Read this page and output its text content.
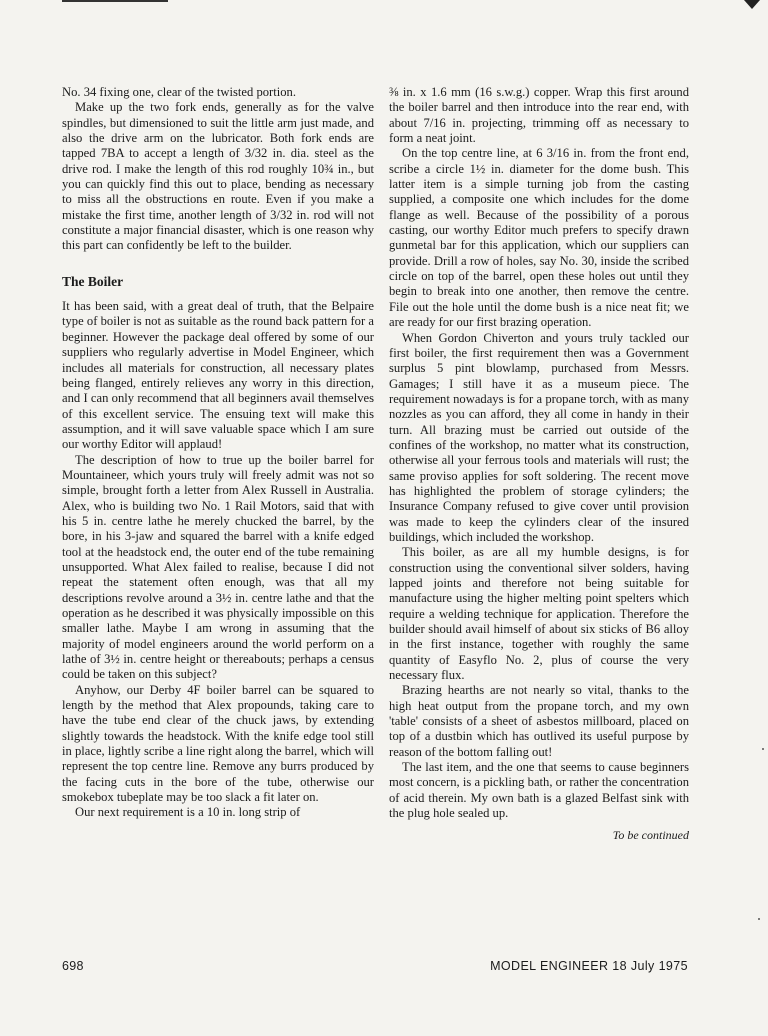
No. 34 fixing one, clear of the twisted portion.

Make up the two fork ends, generally as for the valve spindles, but dimensioned to suit the little arm just made, and also the drive arm on the lubricator. Both fork ends are tapped 7BA to accept a length of 3/32 in. dia. steel as the drive rod. I make the length of this rod roughly 10¾ in., but you can quickly find this out to place, bending as necessary to miss all the obstructions en route. Even if you make a mistake the first time, another length of 3/32 in. rod will not constitute a major financial disaster, which is one reason why this part can confidently be left to the builder.

The Boiler

It has been said, with a great deal of truth, that the Belpaire type of boiler is not as suitable as the round back pattern for a beginner. However the package deal offered by some of our suppliers who regularly advertise in Model Engineer, which includes all materials for construction, all necessary plates being flanged, entirely relieves any worry in this direction, and I can only recommend that all beginners avail themselves of this excellent service. The ensuing text will make this assumption, and it will save valuable space which I am sure our worthy Editor will applaud!

The description of how to true up the boiler barrel for Mountaineer, which yours truly will freely admit was not so simple, brought forth a letter from Alex Russell in Australia. Alex, who is building two No. 1 Rail Motors, said that with his 5 in. centre lathe he merely chucked the barrel, by the bore, in his 3-jaw and squared the barrel with a knife edged tool at the headstock end, the outer end of the tube remaining unsupported. What Alex failed to realise, because I did not repeat the statement often enough, was that all my descriptions revolve around a 3½ in. centre lathe and that the operation as he described it was physically impossible on this smaller lathe. Maybe I am wrong in assuming that the majority of model engineers around the world perform on a lathe of 3½ in. centre height or thereabouts; perhaps a census could be taken on this subject?

Anyhow, our Derby 4F boiler barrel can be squared to length by the method that Alex propounds, taking care to have the tube end clear of the chuck jaws, by extending slightly towards the headstock. With the knife edge tool still in place, lightly scribe a line right along the barrel, which will represent the top centre line. Remove any burrs produced by the facing cuts in the bore of the tube, otherwise our smokebox tubeplate may be too slack a fit later on.

Our next requirement is a 10 in. long strip of

⅜ in. x 1.6 mm (16 s.w.g.) copper. Wrap this first around the boiler barrel and then introduce into the rear end, with about 7/16 in. projecting, trimming off as necessary to form a neat joint.

On the top centre line, at 6 3/16 in. from the front end, scribe a circle 1½ in. diameter for the dome bush. This latter item is a simple turning job from the casting supplied, a composite one which includes for the dome flange as well. Because of the possibility of a porous casting, our worthy Editor much prefers to specify drawn gunmetal bar for this application, which our suppliers can provide. Drill a row of holes, say No. 30, inside the scribed circle on top of the barrel, open these holes out until they begin to break into one another, then remove the centre. File out the hole until the dome bush is a nice neat fit; we are ready for our first brazing operation.

When Gordon Chiverton and yours truly tackled our first boiler, the first requirement then was a Government surplus 5 pint blowlamp, purchased from Messrs. Gamages; I still have it as a museum piece. The requirement nowadays is for a propane torch, with as many nozzles as you can afford, they all come in handy in their turn. All brazing must be carried out outside of the confines of the workshop, no matter what its construction, otherwise all your ferrous tools and materials will rust; the same proviso applies for soft soldering. The recent move has highlighted the problem of storage cylinders; the Insurance Company refused to give cover until provision was made to keep the cylinders clear of the insured buildings, which included the workshop.

This boiler, as are all my humble designs, is for construction using the conventional silver solders, having lapped joints and therefore not being suitable for manufacture using the higher melting point spelters which require a welding technique for application. Therefore the builder should avail himself of about six sticks of B6 alloy in the first instance, together with roughly the same quantity of Easyflo No. 2, plus of course the very necessary flux.

Brazing hearths are not nearly so vital, thanks to the high heat output from the propane torch, and my own 'table' consists of a sheet of asbestos millboard, placed on top of a dustbin which has outlived its useful purpose by reason of the bottom falling out!

The last item, and the one that seems to cause beginners most concern, is a pickling bath, or rather the concentration of acid therein. My own bath is a glazed Belfast sink with the plug hole sealed up.

To be continued
698	MODEL ENGINEER 18 July 1975
